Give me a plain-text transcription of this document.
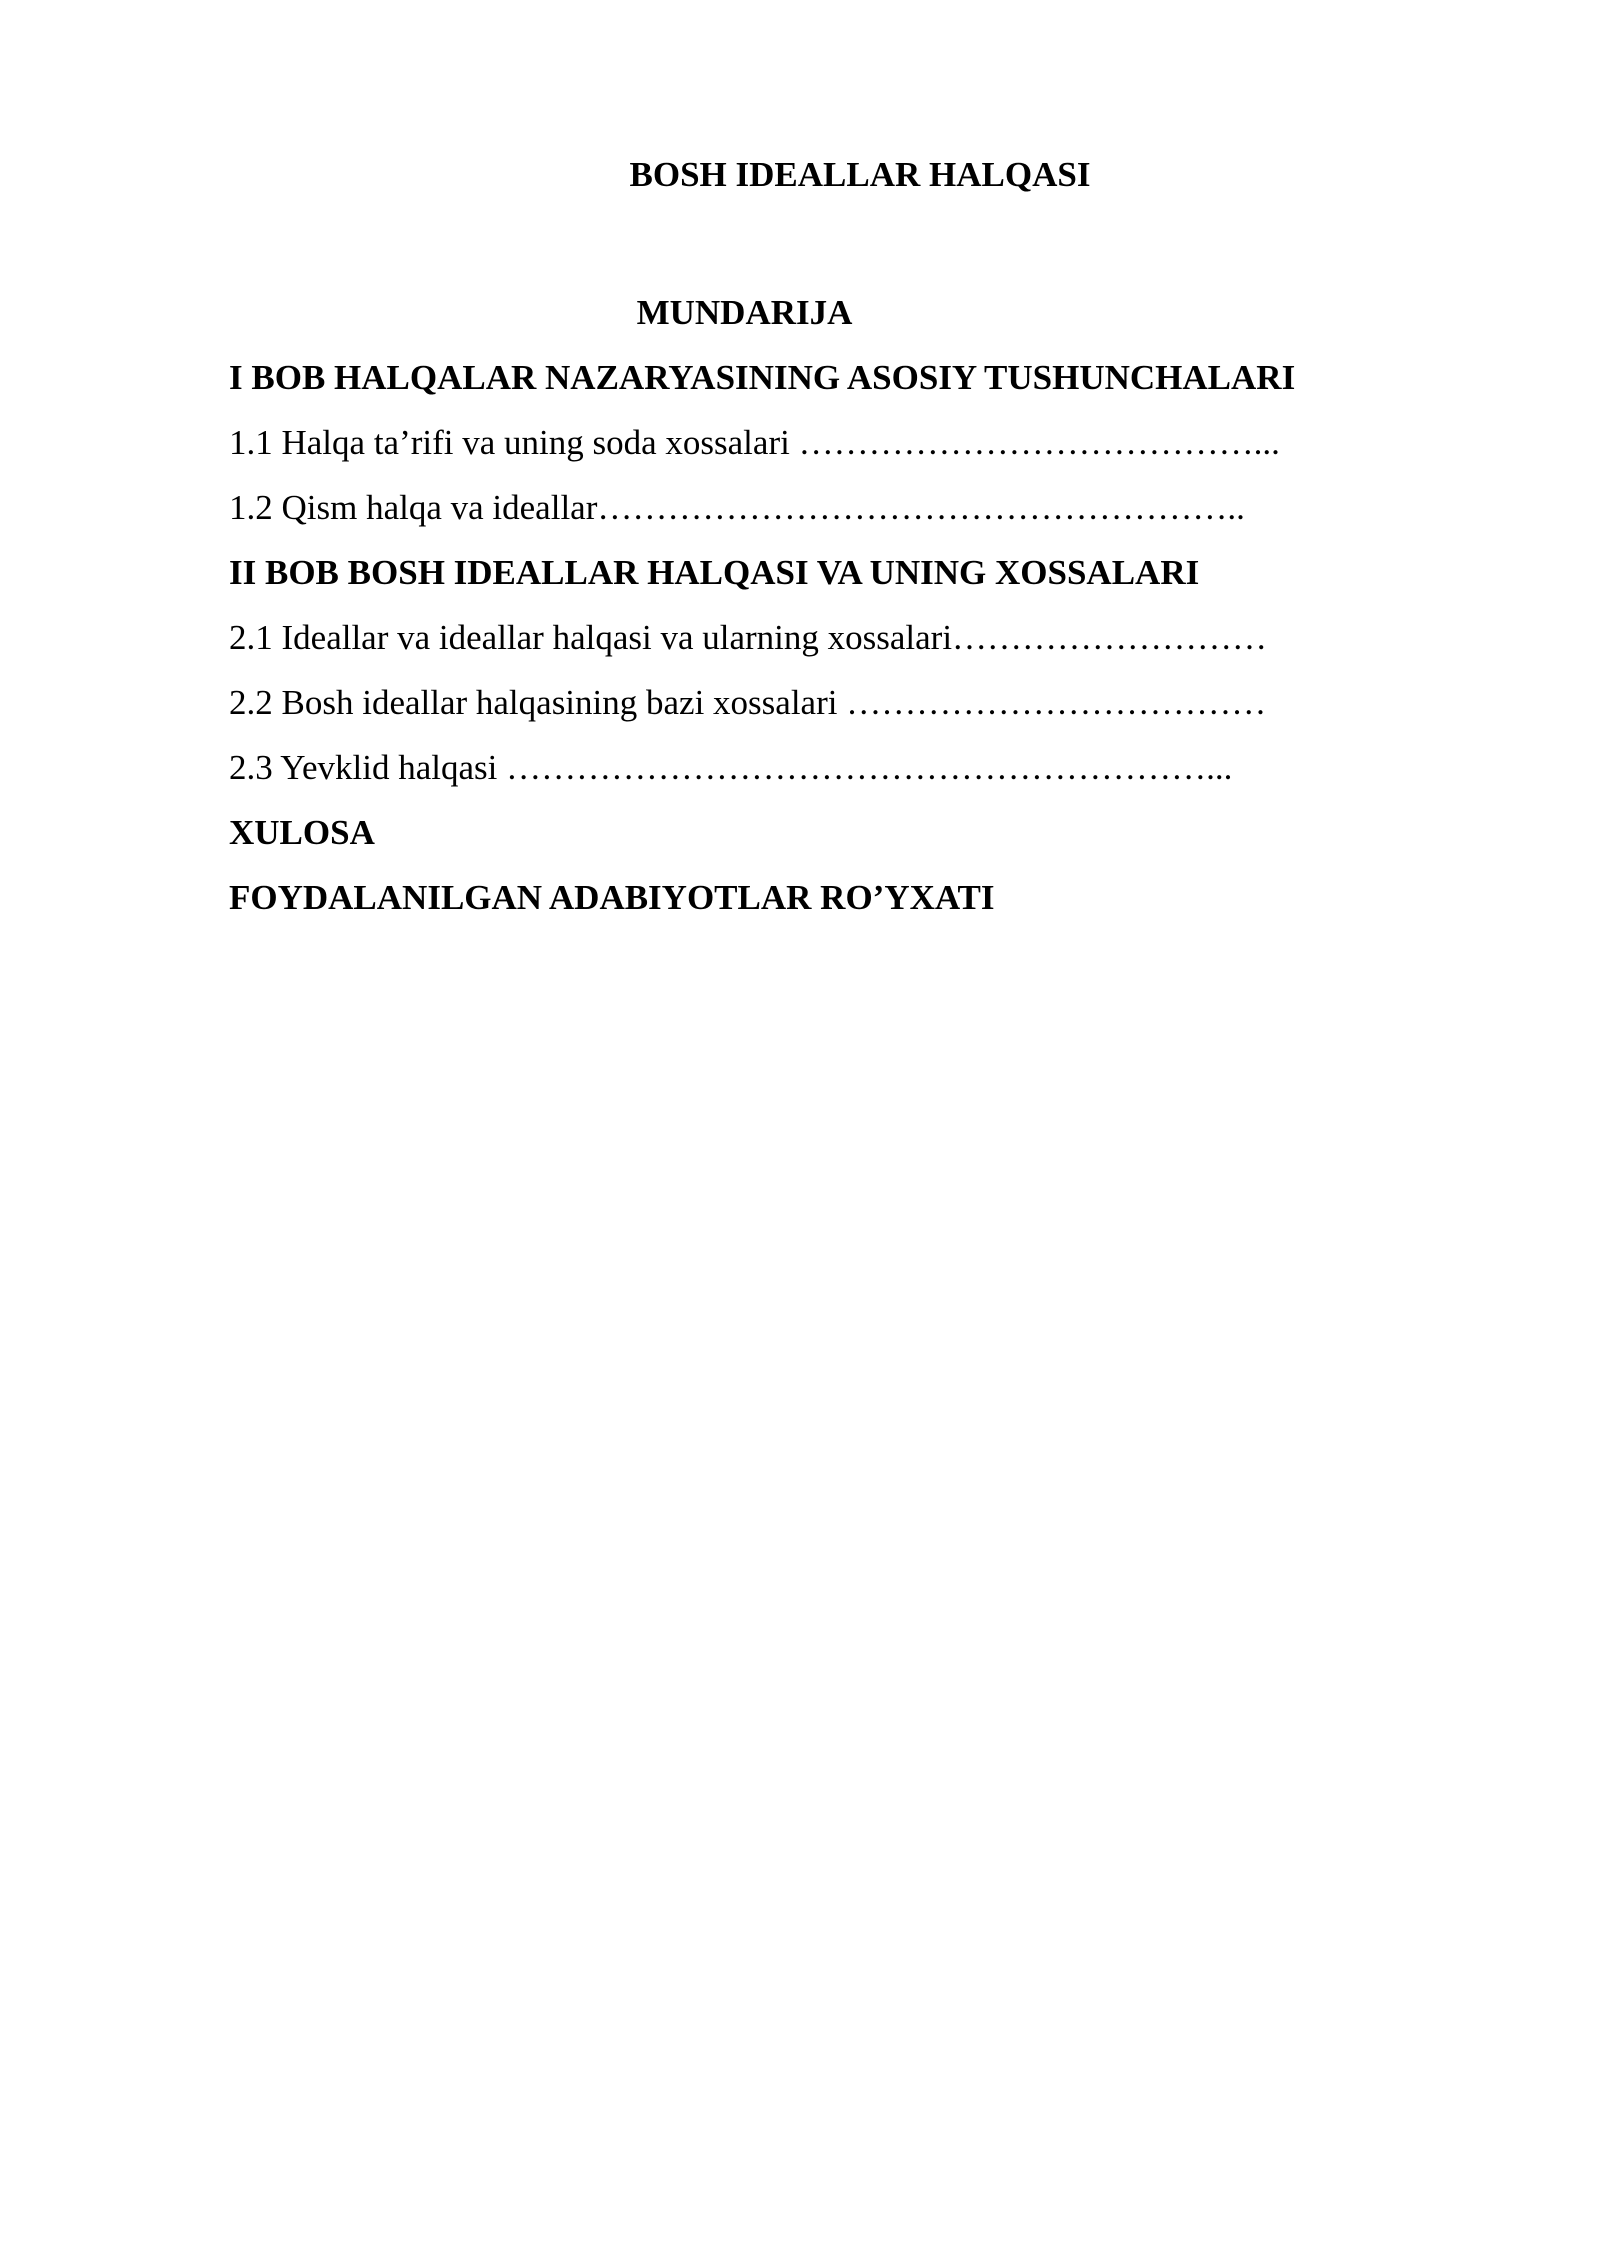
BOSH IDEALLAR HALQASI
MUNDARIJA
I BOB HALQALAR NAZARYASINING ASOSIY TUSHUNCHALARI
1.1 Halqa ta’rifi va uning soda xossalari …………………………………...
1.2 Qism halqa va ideallar………………………………………………..
II BOB BOSH IDEALLAR HALQASI VA UNING XOSSALARI
2.1 Ideallar va ideallar halqasi va ularning xossalari………………………
2.2 Bosh ideallar halqasining bazi xossalari ………………………………
2.3 Yevklid halqasi ……………………………………………………...
XULOSA
FOYDALANILGAN ADABIYOTLAR RO’YXATI
